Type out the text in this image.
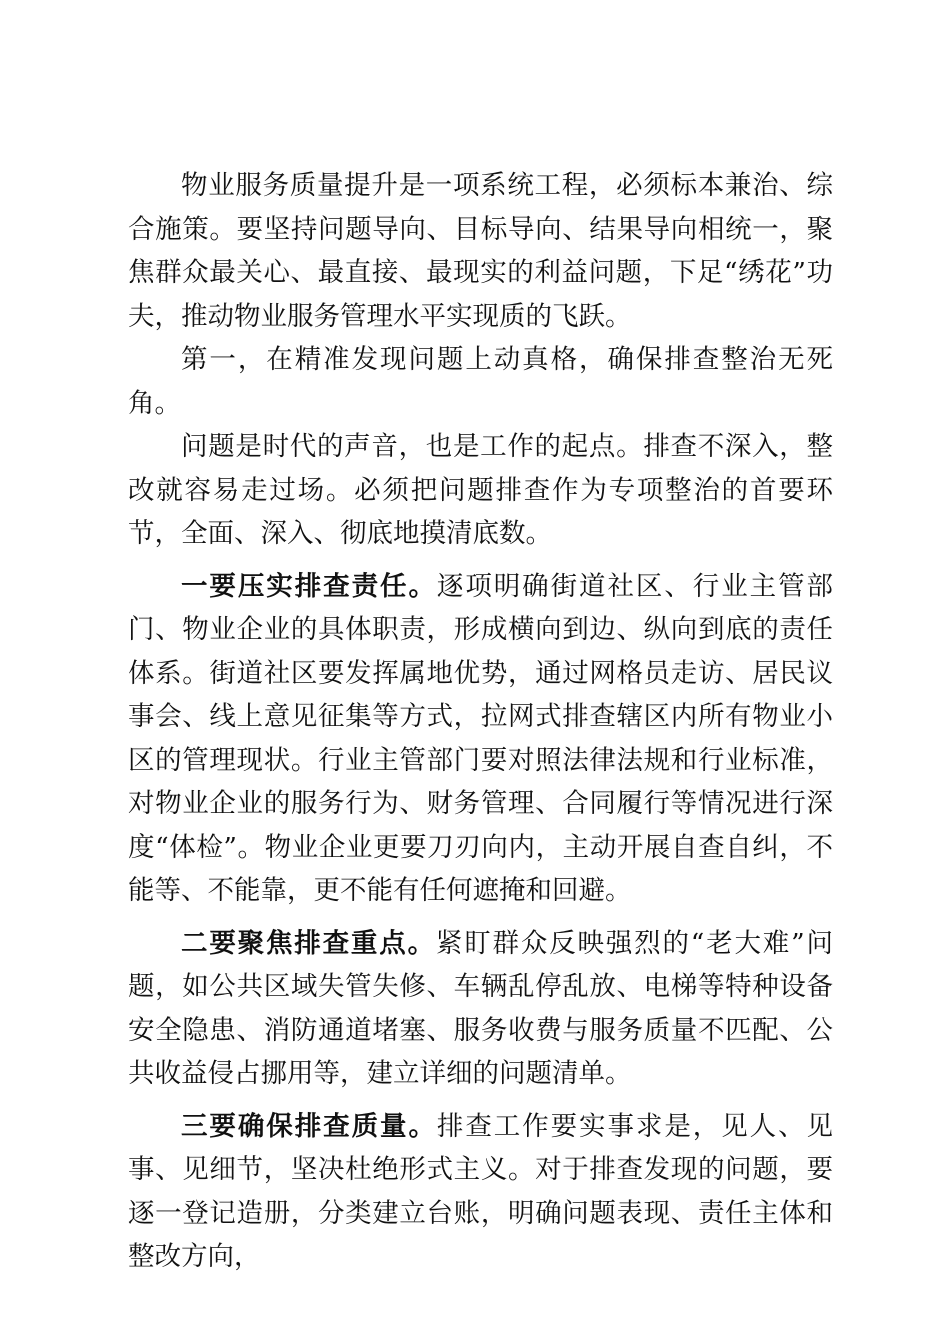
物业服务质量提升是一项系统工程，必须标本兼治、综合施策。要坚持问题导向、目标导向、结果导向相统一，聚焦群众最关心、最直接、最现实的利益问题，下足“绣花”功夫，推动物业服务管理水平实现质的飞跃。

第一，在精准发现问题上动真格，确保排查整治无死角。

问题是时代的声音，也是工作的起点。排查不深入，整改就容易走过场。必须把问题排查作为专项整治的首要环节，全面、深入、彻底地摸清底数。

一要压实排查责任。逐项明确街道社区、行业主管部门、物业企业的具体职责，形成横向到边、纵向到底的责任体系。街道社区要发挥属地优势，通过网格员走访、居民议事会、线上意见征集等方式，拉网式排查辖区内所有物业小区的管理现状。行业主管部门要对照法律法规和行业标准，对物业企业的服务行为、财务管理、合同履行等情况进行深度“体检”。物业企业更要刀刃向内，主动开展自查自纠，不能等、不能靠，更不能有任何遮掩和回避。

二要聚焦排查重点。紧盯群众反映强烈的“老大难”问题，如公共区域失管失修、车辆乱停乱放、电梯等特种设备安全隐患、消防通道堵塞、服务收费与服务质量不匹配、公共收益侵占挪用等，建立详细的问题清单。

三要确保排查质量。排查工作要实事求是，见人、见事、见细节，坚决杜绝形式主义。对于排查发现的问题，要逐一登记造册，分类建立台账，明确问题表现、责任主体和整改方向，
